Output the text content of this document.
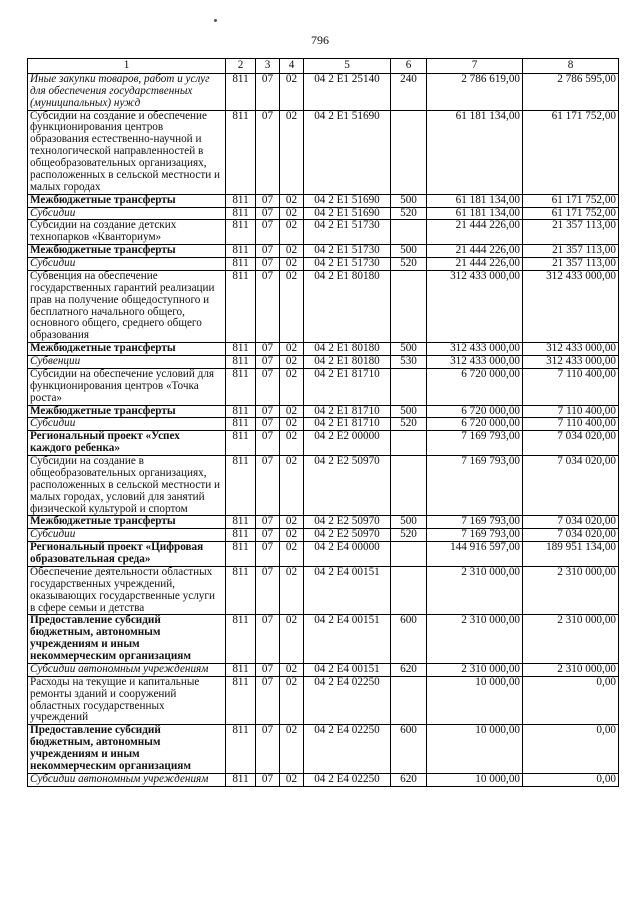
796
1	2	3	4	5	6	7	8
Иные закупки товаров, работ и услуг для обеспечения государственных (муниципальных) нужд	811	07	02	04 2 E1 25140	240	2 786 619,00	2 786 595,00
Субсидии на создание и обеспечение функционирования центров образования естественно-научной и технологической направленностей в общеобразовательных организациях, расположенных в сельской местности и малых городах	811	07	02	04 2 E1 51690		61 181 134,00	61 171 752,00
Межбюджетные трансферты	811	07	02	04 2 E1 51690	500	61 181 134,00	61 171 752,00
Субсидии	811	07	02	04 2 E1 51690	520	61 181 134,00	61 171 752,00
Субсидии на создание детских технопарков «Кванториум»	811	07	02	04 2 E1 51730		21 444 226,00	21 357 113,00
Межбюджетные трансферты	811	07	02	04 2 E1 51730	500	21 444 226,00	21 357 113,00
Субсидии	811	07	02	04 2 E1 51730	520	21 444 226,00	21 357 113,00
Субвенция на обеспечение государственных гарантий реализации прав на получение общедоступного и бесплатного начального общего, основного общего, среднего общего образования	811	07	02	04 2 E1 80180		312 433 000,00	312 433 000,00
Межбюджетные трансферты	811	07	02	04 2 E1 80180	500	312 433 000,00	312 433 000,00
Субвенции	811	07	02	04 2 E1 80180	530	312 433 000,00	312 433 000,00
Субсидии на обеспечение условий для функционирования центров «Точка роста»	811	07	02	04 2 E1 81710		6 720 000,00	7 110 400,00
Межбюджетные трансферты	811	07	02	04 2 E1 81710	500	6 720 000,00	7 110 400,00
Субсидии	811	07	02	04 2 E1 81710	520	6 720 000,00	7 110 400,00
Региональный проект «Успех каждого ребенка»	811	07	02	04 2 E2 00000		7 169 793,00	7 034 020,00
Субсидии на создание в общеобразовательных организациях, расположенных в сельской местности и малых городах, условий для занятий физической культурой и спортом	811	07	02	04 2 E2 50970		7 169 793,00	7 034 020,00
Межбюджетные трансферты	811	07	02	04 2 E2 50970	500	7 169 793,00	7 034 020,00
Субсидии	811	07	02	04 2 E2 50970	520	7 169 793,00	7 034 020,00
Региональный проект «Цифровая образовательная среда»	811	07	02	04 2 E4 00000		144 916 597,00	189 951 134,00
Обеспечение деятельности областных государственных учреждений, оказывающих государственные услуги в сфере семьи и детства	811	07	02	04 2 E4 00151		2 310 000,00	2 310 000,00
Предоставление субсидий бюджетным, автономным учреждениям и иным некоммерческим организациям	811	07	02	04 2 E4 00151	600	2 310 000,00	2 310 000,00
Субсидии автономным учреждениям	811	07	02	04 2 E4 00151	620	2 310 000,00	2 310 000,00
Расходы на текущие и капитальные ремонты зданий и сооружений областных государственных учреждений	811	07	02	04 2 E4 02250		10 000,00	0,00
Предоставление субсидий бюджетным, автономным учреждениям и иным некоммерческим организациям	811	07	02	04 2 E4 02250	600	10 000,00	0,00
Субсидии автономным учреждениям	811	07	02	04 2 E4 02250	620	10 000,00	0,00
